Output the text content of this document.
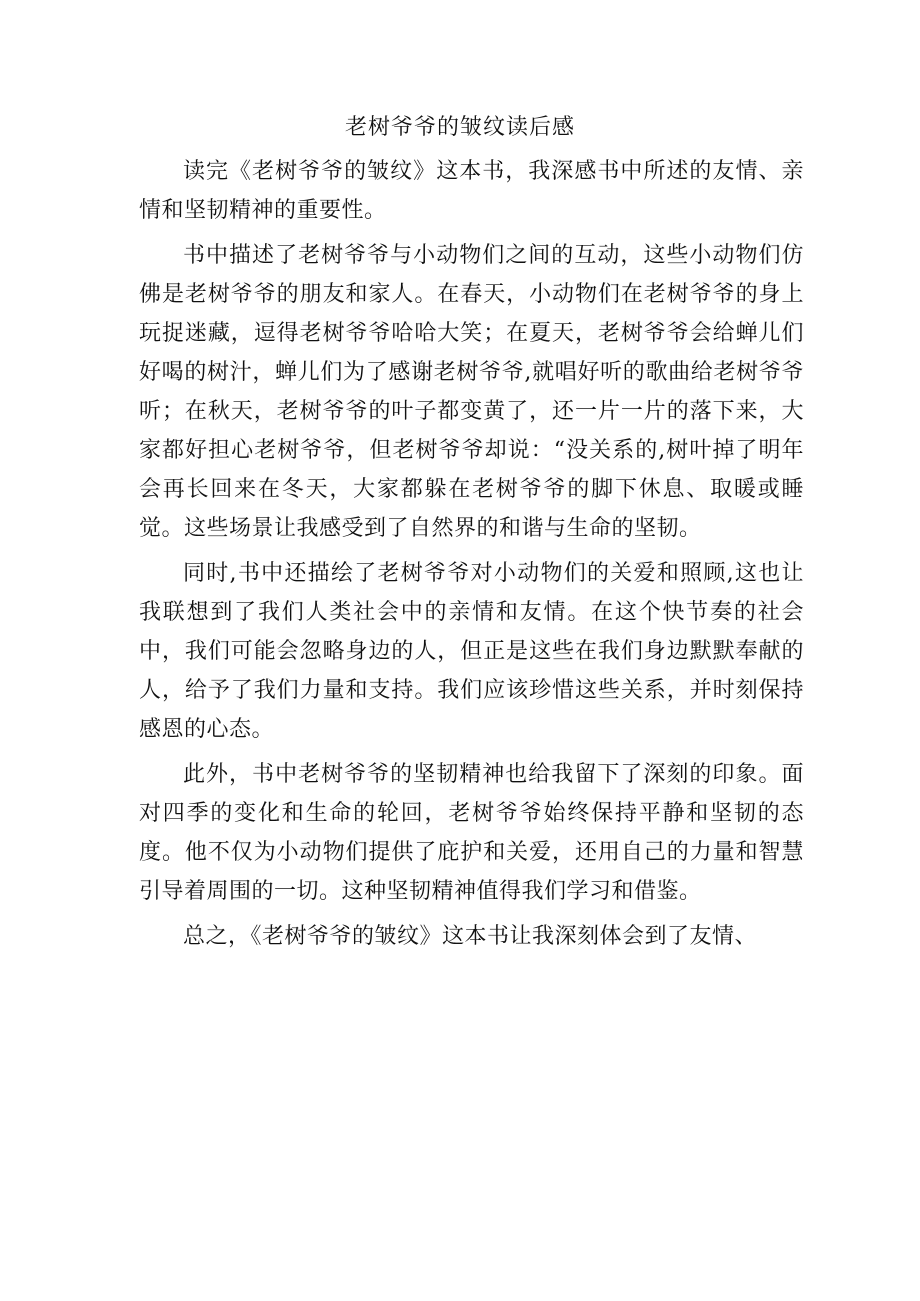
老树爷爷的皱纹读后感

读完《老树爷爷的皱纹》这本书，我深感书中所述的友情、亲情和坚韧精神的重要性。

书中描述了老树爷爷与小动物们之间的互动，这些小动物们仿佛是老树爷爷的朋友和家人。在春天，小动物们在老树爷爷的身上玩捉迷藏，逗得老树爷爷哈哈大笑；在夏天，老树爷爷会给蝉儿们好喝的树汁，蝉儿们为了感谢老树爷爷,就唱好听的歌曲给老树爷爷听；在秋天，老树爷爷的叶子都变黄了，还一片一片的落下来，大家都好担心老树爷爷，但老树爷爷却说：“没关系的,树叶掉了明年会再长回来在冬天，大家都躲在老树爷爷的脚下休息、取暖或睡觉。这些场景让我感受到了自然界的和谐与生命的坚韧。

同时,书中还描绘了老树爷爷对小动物们的关爱和照顾,这也让我联想到了我们人类社会中的亲情和友情。在这个快节奏的社会中，我们可能会忽略身边的人，但正是这些在我们身边默默奉献的人，给予了我们力量和支持。我们应该珍惜这些关系，并时刻保持感恩的心态。

此外，书中老树爷爷的坚韧精神也给我留下了深刻的印象。面对四季的变化和生命的轮回，老树爷爷始终保持平静和坚韧的态度。他不仅为小动物们提供了庇护和关爱，还用自己的力量和智慧引导着周围的一切。这种坚韧精神值得我们学习和借鉴。

总之，《老树爷爷的皱纹》这本书让我深刻体会到了友情、
